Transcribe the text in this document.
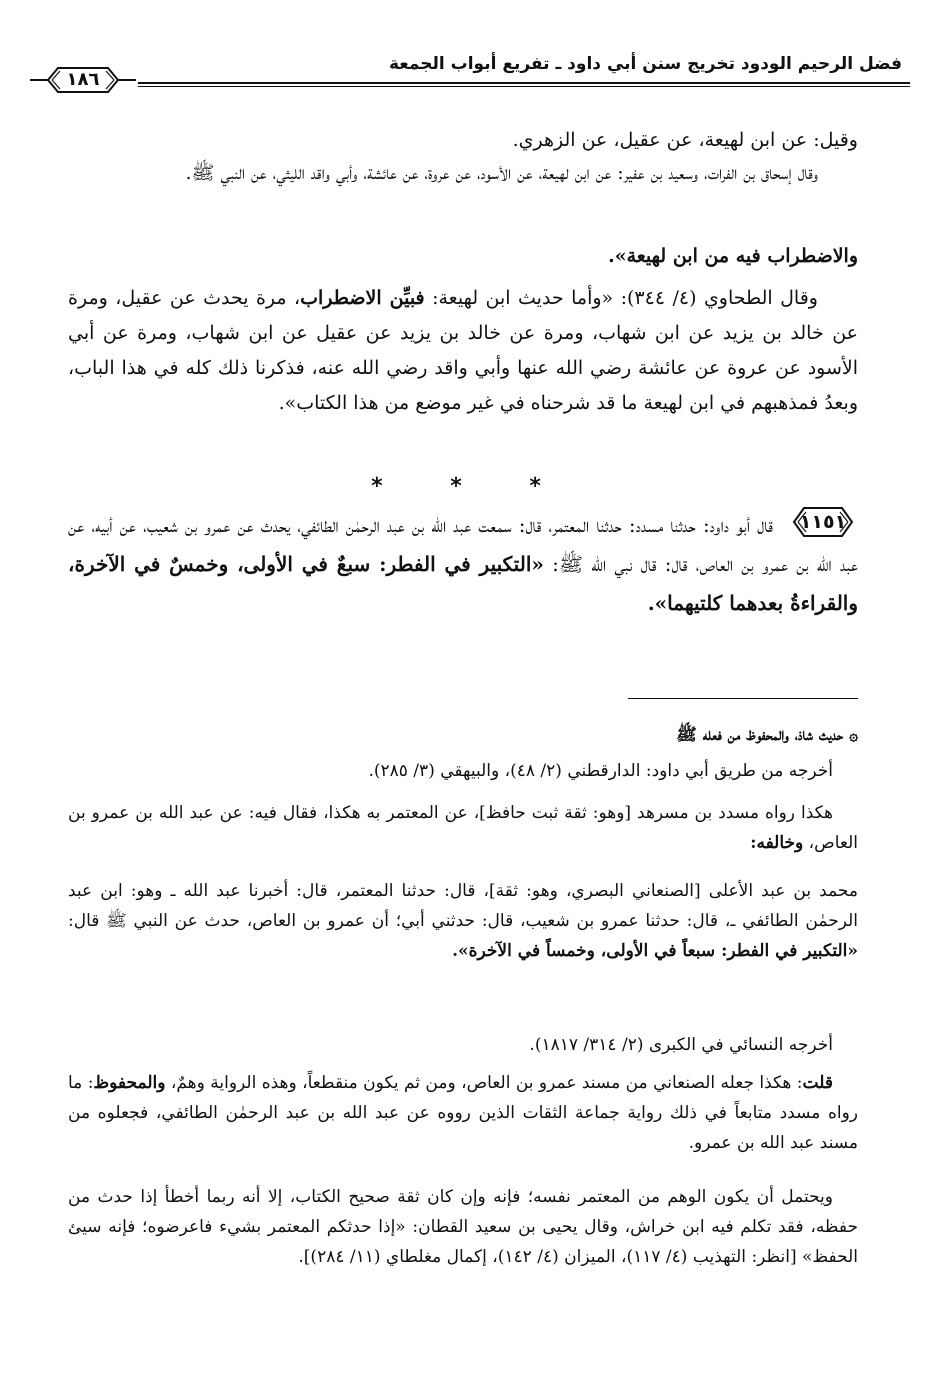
فضل الرحيم الودود تخريج سنن أبي داود ـ تفريع أبواب الجمعة
١٨٦
وقيل: عن ابن لهيعة، عن عقيل، عن الزهري.
وقال إسحاق بن الفرات، وسعيد بن عفير: عن ابن لهيعة، عن الأسود، عن عروة، عن عائشة، وأبي واقد الليثي، عن النبي ﷺ.
والاضطراب فيه من ابن لهيعة».
وقال الطحاوي (٤/ ٣٤٤): «وأما حديث ابن لهيعة: فبيِّن الاضطراب، مرة يحدث عن عقيل، ومرة عن خالد بن يزيد عن ابن شهاب، ومرة عن خالد بن يزيد عن عقيل عن ابن شهاب، ومرة عن أبي الأسود عن عروة عن عائشة رضي الله عنها وأبي واقد رضي الله عنه، فذكرنا ذلك كله في هذا الباب، وبعدُ فمذهبهم في ابن لهيعة ما قد شرحناه في غير موضع من هذا الكتاب».
* * *
١١٥١
قال أبو داود: حدثنا مسدد: حدثنا المعتمر، قال: سمعت عبد الله بن عبد الرحمٰن الطائفي، يحدث عن عمرو بن شعيب، عن أبيه، عن عبد الله بن عمرو بن العاص، قال: قال نبي الله ﷺ: «التكبير في الفطر: سبعٌ في الأولى، وخمسٌ في الآخرة، والقراءةُ بعدهما كلتيهما».
۞ حديث شاذ، والمحفوظ من فعله ﷺ
أخرجه من طريق أبي داود: الدارقطني (٢/ ٤٨)، والبيهقي (٣/ ٢٨٥).
هكذا رواه مسدد بن مسرهد [وهو: ثقة ثبت حافظ]، عن المعتمر به هكذا، فقال فيه: عن عبد الله بن عمرو بن العاص، وخالفه:
محمد بن عبد الأعلى [الصنعاني البصري، وهو: ثقة]، قال: حدثنا المعتمر، قال: أخبرنا عبد الله ـ وهو: ابن عبد الرحمٰن الطائفي ـ، قال: حدثنا عمرو بن شعيب، قال: حدثني أبي؛ أن عمرو بن العاص، حدث عن النبي ﷺ قال: «التكبير في الفطر: سبعاً في الأولى، وخمساً في الآخرة».
أخرجه النسائي في الكبرى (٢/ ٣١٤/ ١٨١٧).
قلت: هكذا جعله الصنعاني من مسند عمرو بن العاص، ومن ثم يكون منقطعاً، وهذه الرواية وهمٌ، والمحفوظ: ما رواه مسدد متابعاً في ذلك رواية جماعة الثقات الذين رووه عن عبد الله بن عبد الرحمٰن الطائفي، فجعلوه من مسند عبد الله بن عمرو.
ويحتمل أن يكون الوهم من المعتمر نفسه؛ فإنه وإن كان ثقة صحيح الكتاب، إلا أنه ربما أخطأ إذا حدث من حفظه، فقد تكلم فيه ابن خراش، وقال يحيى بن سعيد القطان: «إذا حدثكم المعتمر بشيء فاعرضوه؛ فإنه سيئ الحفظ» [انظر: التهذيب (٤/ ١١٧)، الميزان (٤/ ١٤٢)، إكمال مغلطاي (١١/ ٢٨٤)].
